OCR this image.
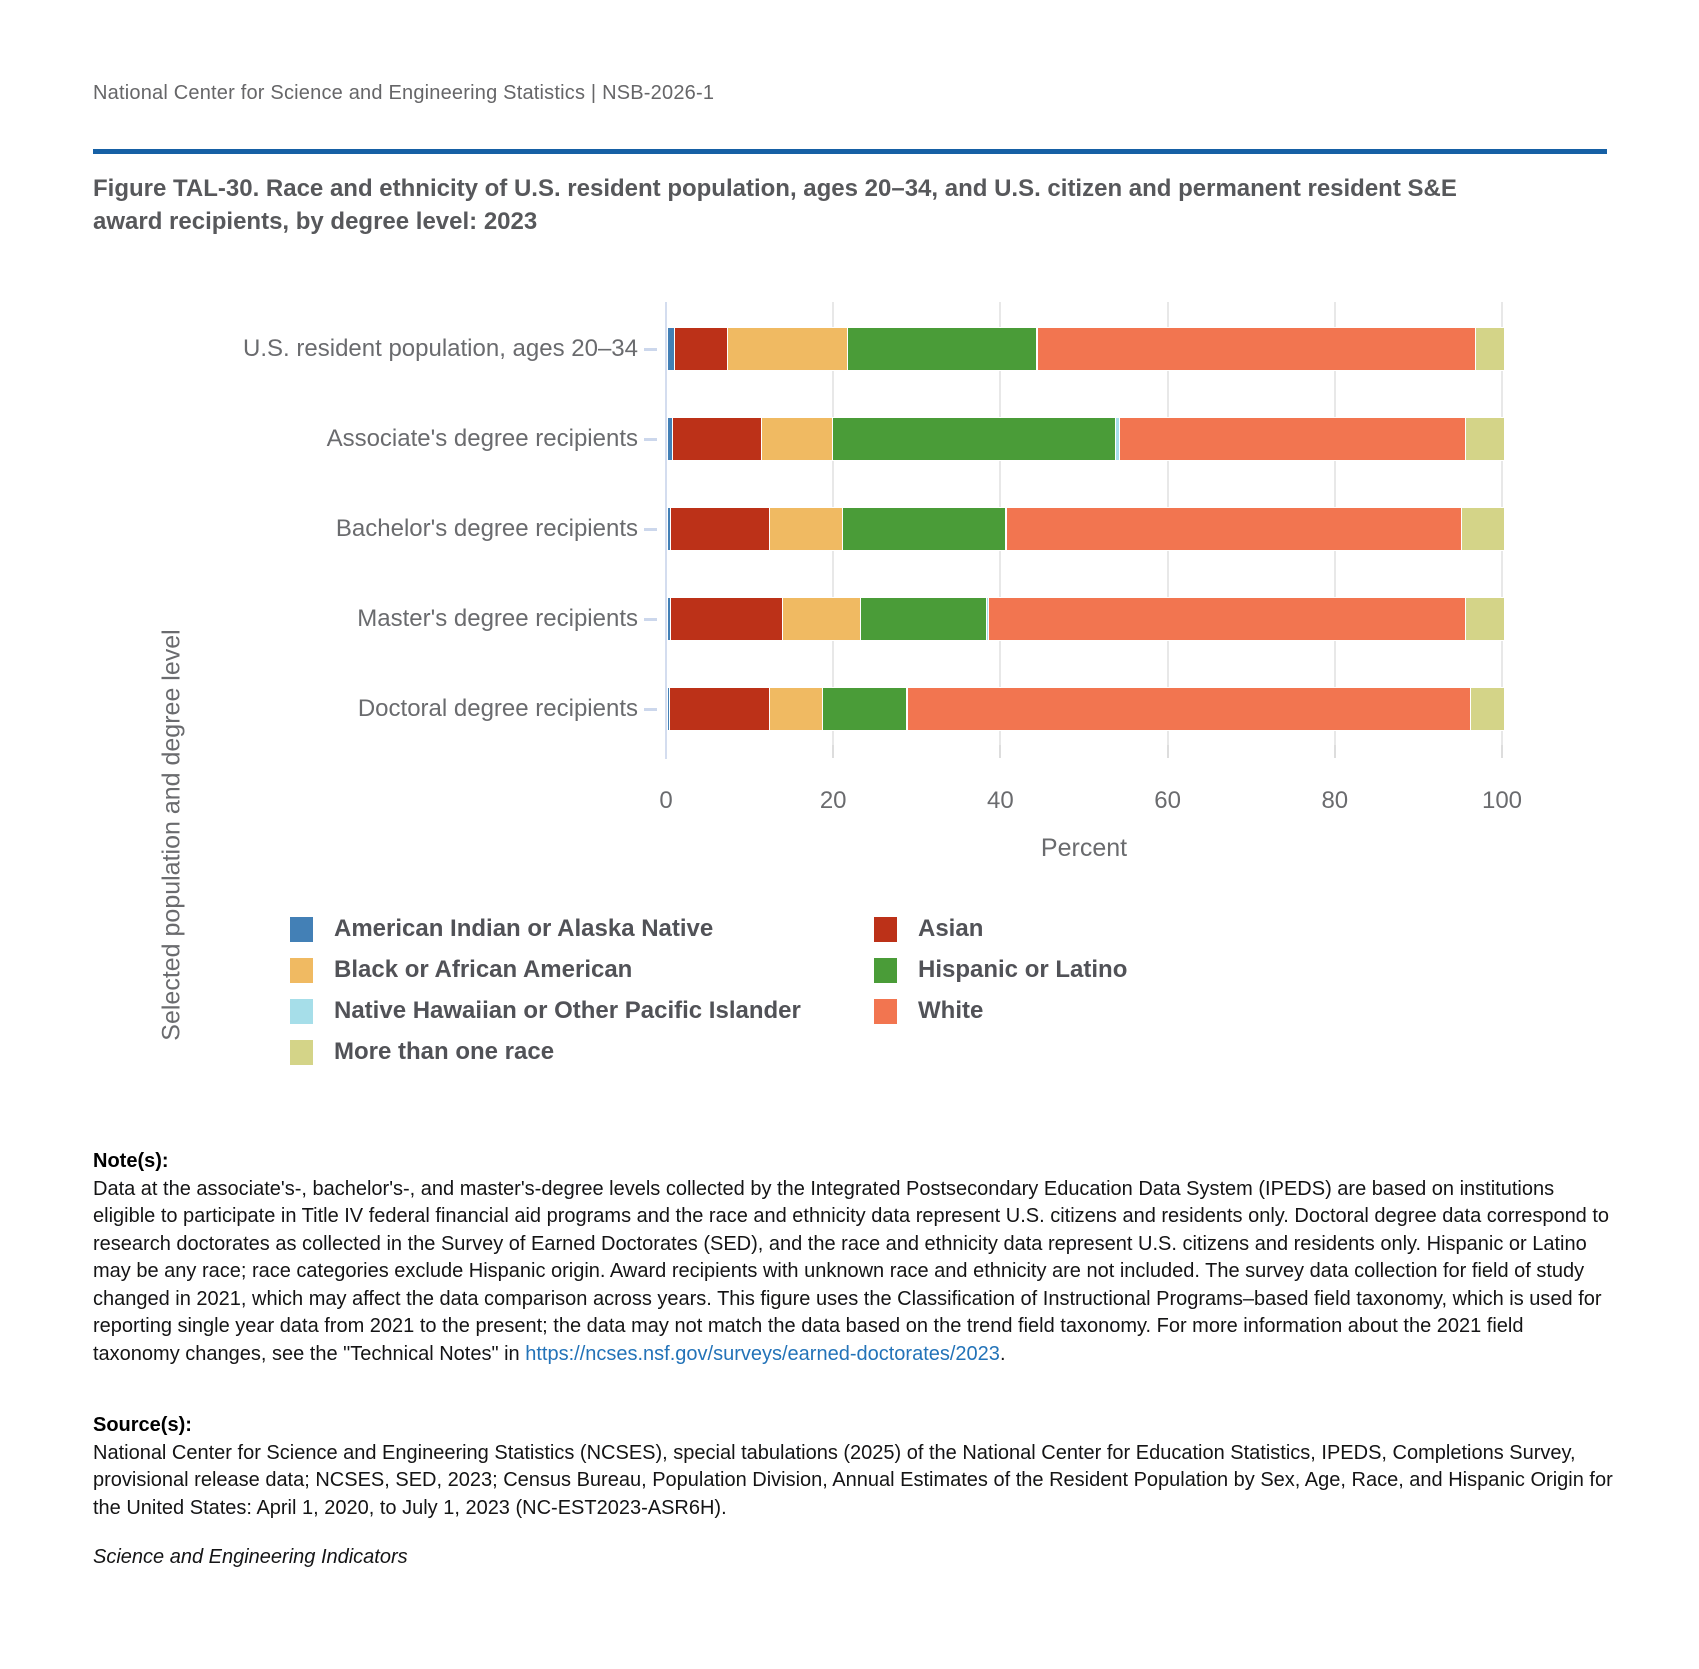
National Center for Science and Engineering Statistics | NSB-2026-1
Figure TAL-30. Race and ethnicity of U.S. resident population, ages 20–34, and U.S. citizen and permanent resident S&E award recipients, by degree level: 2023
Selected population and degree level	Percent
0	20	40	60	80	100
U.S. resident population, ages 20–34
Associate's degree recipients
Bachelor's degree recipients
Master's degree recipients
Doctoral degree recipients
American Indian or Alaska Native
Black or African American
Native Hawaiian or Other Pacific Islander
More than one race
Asian
Hispanic or Latino
White
Note(s):
Data at the associate's-, bachelor's-, and master's-degree levels collected by the Integrated Postsecondary Education Data System (IPEDS) are based on institutions eligible to participate in Title IV federal financial aid programs and the race and ethnicity data represent U.S. citizens and residents only. Doctoral degree data correspond to research doctorates as collected in the Survey of Earned Doctorates (SED), and the race and ethnicity data represent U.S. citizens and residents only. Hispanic or Latino may be any race; race categories exclude Hispanic origin. Award recipients with unknown race and ethnicity are not included. The survey data collection for field of study changed in 2021, which may affect the data comparison across years. This figure uses the Classification of Instructional Programs–based field taxonomy, which is used for reporting single year data from 2021 to the present; the data may not match the data based on the trend field taxonomy. For more information about the 2021 field taxonomy changes, see the "Technical Notes" in https://ncses.nsf.gov/surveys/earned-doctorates/2023.
Source(s):
National Center for Science and Engineering Statistics (NCSES), special tabulations (2025) of the National Center for Education Statistics, IPEDS, Completions Survey, provisional release data; NCSES, SED, 2023; Census Bureau, Population Division, Annual Estimates of the Resident Population by Sex, Age, Race, and Hispanic Origin for the United States: April 1, 2020, to July 1, 2023 (NC-EST2023-ASR6H).
Science and Engineering Indicators
